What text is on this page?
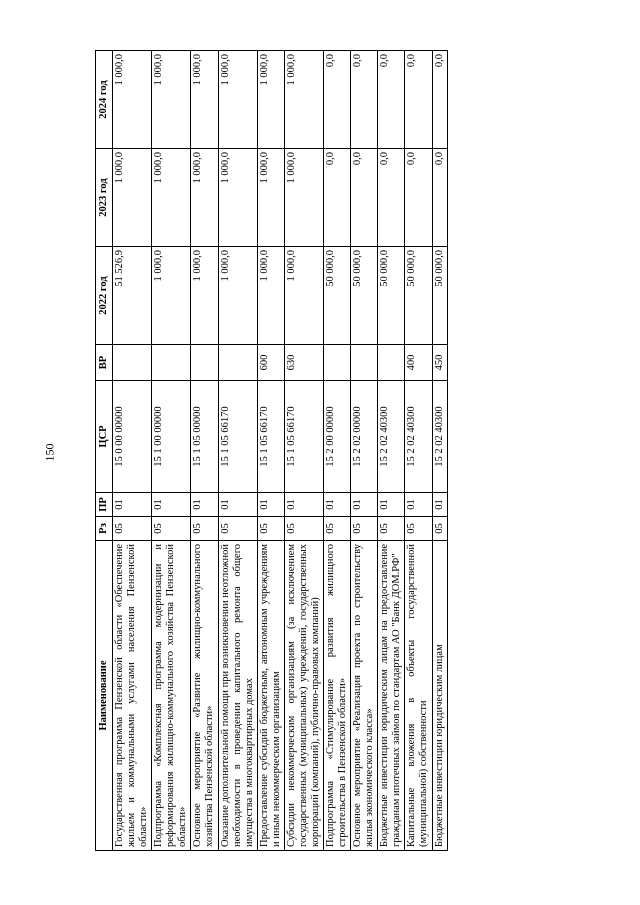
150
Наименование	Рз	ПР	ЦСР	ВР	2022 год	2023 год	2024 год
Государственная программа Пензенской области «Обеспечение жильем и коммунальными услугами населения Пензенской области»	05	01	15 0 00 00000		51 526,9	1 000,0	1 000,0
Подпрограмма «Комплексная программа модернизации и реформирования жилищно-коммунального хозяйства Пензенской области»	05	01	15 1 00 00000		1 000,0	1 000,0	1 000,0
Основное мероприятие «Развитие жилищно-коммунального хозяйства Пензенской области»	05	01	15 1 05 00000		1 000,0	1 000,0	1 000,0
Оказание дополнительной помощи при возникновении неотложной необходимости в проведении капитального ремонта общего имущества в многоквартирных домах	05	01	15 1 05 66170		1 000,0	1 000,0	1 000,0
Предоставление субсидий бюджетным, автономным учреждениям и иным некоммерческим организациям	05	01	15 1 05 66170	600	1 000,0	1 000,0	1 000,0
Субсидии некоммерческим организациям (за исключением государственных (муниципальных) учреждений, государственных корпораций (компаний), публично-правовых компаний)	05	01	15 1 05 66170	630	1 000,0	1 000,0	1 000,0
Подпрограмма «Стимулирование развития жилищного строительства в Пензенской области»	05	01	15 2 00 00000		50 000,0	0,0	0,0
Основное мероприятие «Реализация проекта по строительству жилья экономического класса»	05	01	15 2 02 00000		50 000,0	0,0	0,0
Бюджетные инвестиции юридическим лицам на предоставление гражданам ипотечных займов по стандартам АО "Банк ДОМ.РФ"	05	01	15 2 02 40300		50 000,0	0,0	0,0
Капитальные вложения в объекты государственной (муниципальной) собственности	05	01	15 2 02 40300	400	50 000,0	0,0	0,0
Бюджетные инвестиции юридическим лицам	05	01	15 2 02 40300	450	50 000,0	0,0	0,0
